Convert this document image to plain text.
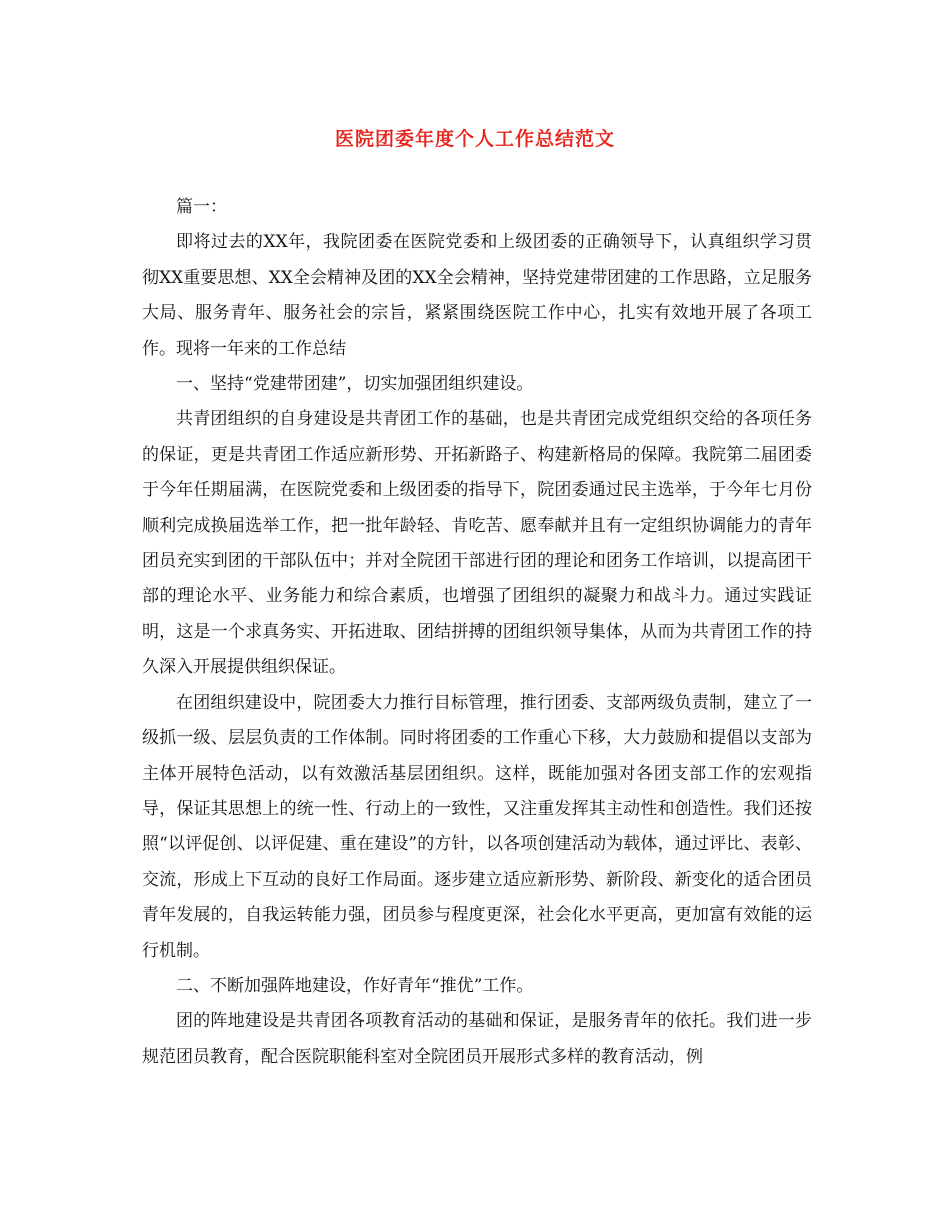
医院团委年度个人工作总结范文

篇一：

即将过去的XX年，我院团委在医院党委和上级团委的正确领导下，认真组织学习贯彻XX重要思想、XX全会精神及团的XX全会精神，坚持党建带团建的工作思路，立足服务大局、服务青年、服务社会的宗旨，紧紧围绕医院工作中心，扎实有效地开展了各项工作。现将一年来的工作总结

一、坚持“党建带团建”，切实加强团组织建设。

共青团组织的自身建设是共青团工作的基础，也是共青团完成党组织交给的各项任务的保证，更是共青团工作适应新形势、开拓新路子、构建新格局的保障。我院第二届团委于今年任期届满，在医院党委和上级团委的指导下，院团委通过民主选举，于今年七月份顺利完成换届选举工作，把一批年龄轻、肯吃苦、愿奉献并且有一定组织协调能力的青年团员充实到团的干部队伍中；并对全院团干部进行团的理论和团务工作培训，以提高团干部的理论水平、业务能力和综合素质，也增强了团组织的凝聚力和战斗力。通过实践证明，这是一个求真务实、开拓进取、团结拼搏的团组织领导集体，从而为共青团工作的持久深入开展提供组织保证。

在团组织建设中，院团委大力推行目标管理，推行团委、支部两级负责制，建立了一级抓一级、层层负责的工作体制。同时将团委的工作重心下移，大力鼓励和提倡以支部为主体开展特色活动，以有效激活基层团组织。这样，既能加强对各团支部工作的宏观指导，保证其思想上的统一性、行动上的一致性，又注重发挥其主动性和创造性。我们还按照“以评促创、以评促建、重在建设”的方针，以各项创建活动为载体，通过评比、表彰、交流，形成上下互动的良好工作局面。逐步建立适应新形势、新阶段、新变化的适合团员青年发展的，自我运转能力强，团员参与程度更深，社会化水平更高，更加富有效能的运行机制。

二、不断加强阵地建设，作好青年“推优”工作。

团的阵地建设是共青团各项教育活动的基础和保证，是服务青年的依托。我们进一步规范团员教育，配合医院职能科室对全院团员开展形式多样的教育活动，例
